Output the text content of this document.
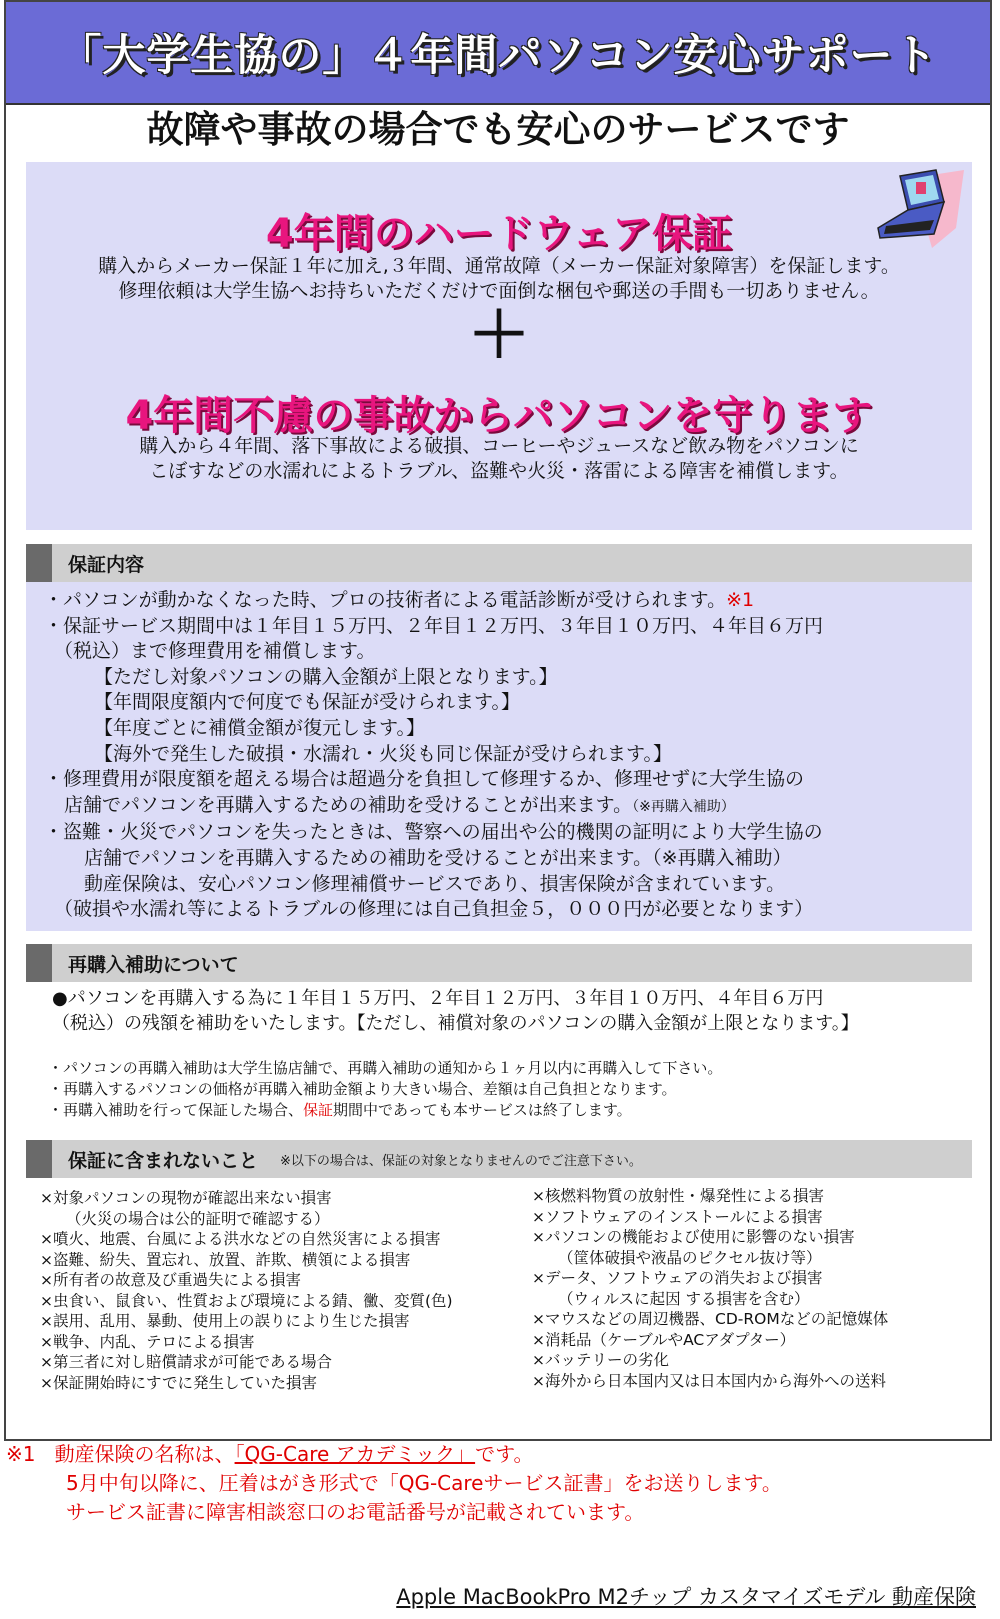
「大学生協の」４年間パソコン安心サポート
故障や事故の場合でも安心のサービスです
4年間のハードウェア保証
購入からメーカー保証１年に加え,３年間、通常故障（メーカー保証対象障害）を保証します。
修理依頼は大学生協へお持ちいただくだけで面倒な梱包や郵送の手間も一切ありません。
＋
4年間不慮の事故からパソコンを守ります
購入から４年間、落下事故による破損、コーヒーやジュースなど飲み物をパソコンに
こぼすなどの水濡れによるトラブル、盗難や火災・落雷による障害を補償します。
保証内容
・パソコンが動かなくなった時、プロの技術者による電話診断が受けられます。※1
・保証サービス期間中は１年目１５万円、２年目１２万円、３年目１０万円、４年目６万円
（税込）まで修理費用を補償します。
【ただし対象パソコンの購入金額が上限となります。】
【年間限度額内で何度でも保証が受けられます。】
【年度ごとに補償金額が復元します。】
【海外で発生した破損・水濡れ・火災も同じ保証が受けられます。】
・修理費用が限度額を超える場合は超過分を負担して修理するか、修理せずに大学生協の
店舗でパソコンを再購入するための補助を受けることが出来ます。（※再購入補助）
・盗難・火災でパソコンを失ったときは、警察への届出や公的機関の証明により大学生協の
店舗でパソコンを再購入するための補助を受けることが出来ます。（※再購入補助）
動産保険は、安心パソコン修理補償サービスであり、損害保険が含まれています。
（破損や水濡れ等によるトラブルの修理には自己負担金５，０００円が必要となります）
再購入補助について
●パソコンを再購入する為に１年目１５万円、２年目１２万円、３年目１０万円、４年目６万円
（税込）の残額を補助をいたします。【ただし、補償対象のパソコンの購入金額が上限となります。】
・パソコンの再購入補助は大学生協店舗で、再購入補助の通知から１ヶ月以内に再購入して下さい。
・再購入するパソコンの価格が再購入補助金額より大きい場合、差額は自己負担となります。
・再購入補助を行って保証した場合、保証期間中であっても本サービスは終了します。
保証に含まれないこと ※以下の場合は、保証の対象となりませんのでご注意下さい。
×対象パソコンの現物が確認出来ない損害
（火災の場合は公的証明で確認する）
×噴火、地震、台風による洪水などの自然災害による損害
×盗難、紛失、置忘れ、放置、詐欺、横領による損害
×所有者の故意及び重過失による損害
×虫食い、鼠食い、性質および環境による錆、黴、変質(色)
×誤用、乱用、暴動、使用上の誤りにより生じた損害
×戦争、内乱、テロによる損害
×第三者に対し賠償請求が可能である場合
×保証開始時にすでに発生していた損害
×核燃料物質の放射性・爆発性による損害
×ソフトウェアのインストールによる損害
×パソコンの機能および使用に影響のない損害
（筐体破損や液晶のピクセル抜け等）
×データ、ソフトウェアの消失および損害
（ウィルスに起因 する損害を含む）
×マウスなどの周辺機器、CD-ROMなどの記憶媒体
×消耗品（ケーブルやACアダプター）
×バッテリーの劣化
×海外から日本国内又は日本国内から海外への送料
※1 動産保険の名称は、「QG-Care アカデミック」です。
5月中旬以降に、圧着はがき形式で「QG-Careサービス証書」をお送りします。
サービス証書に障害相談窓口のお電話番号が記載されています。
Apple MacBookPro M2チップ カスタマイズモデル 動産保険
